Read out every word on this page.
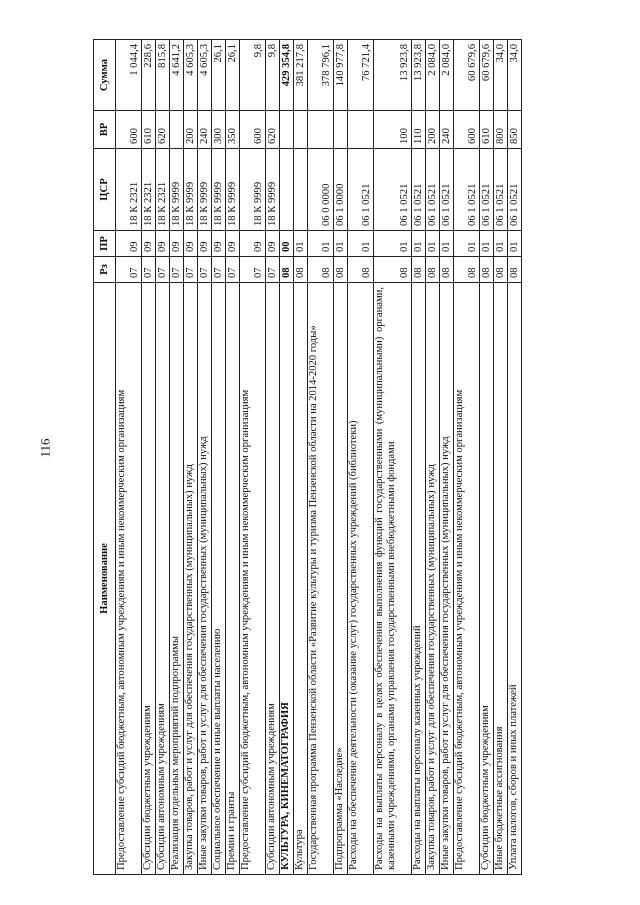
116
Наименование	Рз	ПР	ЦСР	ВР	Сумма
Предоставление субсидий бюджетным, автономным учреждениям и иным некоммерческим организациям	07	09	18 К 2321	600	1 044,4
Субсидии бюджетным учреждениям	07	09	18 К 2321	610	228,6
Субсидии автономным учреждениям	07	09	18 К 2321	620	815,8
Реализация отдельных мероприятий подпрограммы	07	09	18 К 9999		4 641,2
Закупка товаров, работ и услуг для обеспечения государственных (муниципальных) нужд	07	09	18 К 9999	200	4 605,3
Иные закупки товаров, работ и услуг для обеспечения государственных (муниципальных) нужд	07	09	18 К 9999	240	4 605,3
Социальное обеспечение и иные выплаты населению	07	09	18 К 9999	300	26,1
Премии и гранты	07	09	18 К 9999	350	26,1
Предоставление субсидий бюджетным, автономным учреждениям и иным некоммерческим организациям	07	09	18 К 9999	600	9,8
Субсидии автономным учреждениям	07	09	18 К 9999	620	9,8
КУЛЬТУРА, КИНЕМАТОГРАФИЯ	08	00			429 354,8
Культура	08	01			381 217,8
Государственная программа Пензенской области «Развитие культуры и туризма Пензенской области на 2014-2020 годы»	08	01	06 0 0000		378 796,1
Подпрограмма «Наследие»	08	01	06 1 0000		140 977,8
Расходы на обеспечение деятельности (оказание услуг) государственных учреждений (библиотеки)	08	01	06 1 0521		76 721,4
Расходы на выплаты персоналу в целях обеспечения выполнения функций государственными (муниципальными) органами, казенными учреждениями, органами управления государственными внебюджетными фондами	08	01	06 1 0521	100	13 923,8
Расходы на выплаты персоналу казенных учреждений	08	01	06 1 0521	110	13 923,8
Закупка товаров, работ и услуг для обеспечения государственных (муниципальных) нужд	08	01	06 1 0521	200	2 084,0
Иные закупки товаров, работ и услуг для обеспечения государственных (муниципальных) нужд	08	01	06 1 0521	240	2 084,0
Предоставление субсидий бюджетным, автономным учреждениям и иным некоммерческим организациям	08	01	06 1 0521	600	60 679,6
Субсидии бюджетным учреждениям	08	01	06 1 0521	610	60 679,6
Иные бюджетные ассигнования	08	01	06 1 0521	800	34,0
Уплата налогов, сборов и иных платежей	08	01	06 1 0521	850	34,0
